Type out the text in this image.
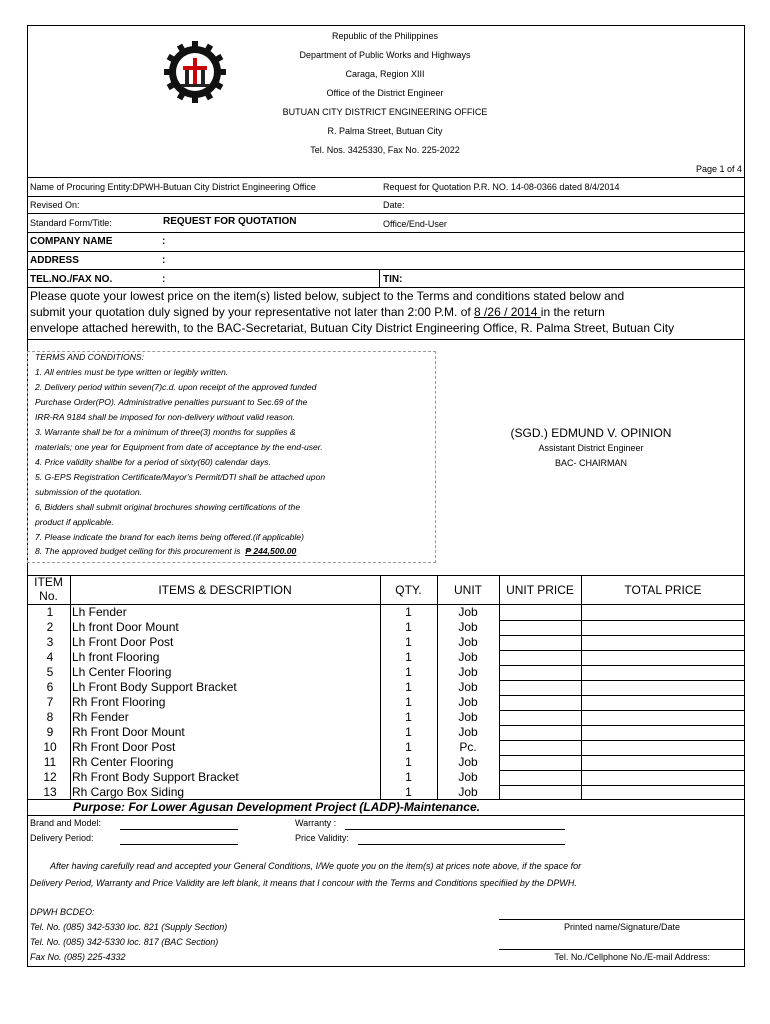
Republic of the Philippines
Department of Public Works and Highways
Caraga, Region XIII
Office of the District Engineer
BUTUAN CITY DISTRICT ENGINEERING OFFICE
R. Palma Street, Butuan City
Tel. Nos. 3425330, Fax No. 225-2022
Page 1 of 4
Name of Procuring Entity:DPWH-Butuan City District Engineering Office	Request for Quotation P.R. NO. 14-08-0366 dated 8/4/2014
Revised On:	Date:
Standard Form/Title:	REQUEST FOR QUOTATION	Office/End-User
COMPANY NAME	:
ADDRESS	:
TEL.NO./FAX NO.	:	TIN:
Please quote your lowest price on the item(s) listed below, subject to the Terms and conditions stated below and
submit your quotation duly signed by your representative not later than 2:00 P.M. of 8 /26 / 2014 in the return
envelope attached herewith, to the BAC-Secretariat, Butuan City District Engineering Office, R. Palma Street, Butuan City
TERMS AND CONDITIONS:
1. All entries must be type written or legibly written.
2. Delivery period within seven(7)c.d. upon receipt of the approved funded
Purchase Order(PO). Administrative penalties pursuant to Sec.69 of the
IRR-RA 9184 shall be imposed for non-delivery without valid reason.
3. Warrante shall be for a minimum of three(3) months for supplies &
materials; one year for Equipment from date of acceptance by the end-user.
4. Price validity shallbe for a period of sixty(60) calendar days.
5. G-EPS Registration Certificate/Mayor's Permit/DTI shall be attached upon
submission of the quotation.
6, Bidders shall submit original brochures showing certifications of the
product if applicable.
7. Please indicate the brand for each items being offered.(if applicable)
8. The approved budget ceiling for this procurement is ₱ 244,500.00
(SGD.) EDMUND V. OPINION
Assistant District Engineer
BAC- CHAIRMAN
ITEM
No.	ITEMS & DESCRIPTION	QTY.	UNIT	UNIT PRICE	TOTAL PRICE
1	Lh Fender	1	Job
2	Lh front Door Mount	1	Job
3	Lh Front Door Post	1	Job
4	Lh front Flooring	1	Job
5	Lh Center Flooring	1	Job
6	Lh Front Body Support Bracket	1	Job
7	Rh Front Flooring	1	Job
8	Rh Fender	1	Job
9	Rh Front Door Mount	1	Job
10	Rh Front Door Post	1	Pc.
11	Rh Center Flooring	1	Job
12	Rh Front Body Support Bracket	1	Job
13	Rh Cargo Box Siding	1	Job
Purpose: For Lower Agusan Development Project (LADP)-Maintenance.
Brand and Model:
Delivery Period:
Warranty :
Price Validity:
After having carefully read and accepted your General Conditions, I/We quote you on the item(s) at prices note above, if the space for
Delivery Period, Warranty and Price Validity are left blank, it means that I concour with the Terms and Conditions specifiied by the DPWH.
DPWH BCDEO:
Tel. No. (085) 342-5330 loc. 821 (Supply Section)
Tel. No. (085) 342-5330 loc. 817 (BAC Section)
Fax No. (085) 225-4332
Printed name/Signature/Date
Tel. No./Cellphone No./E-mail Address:
